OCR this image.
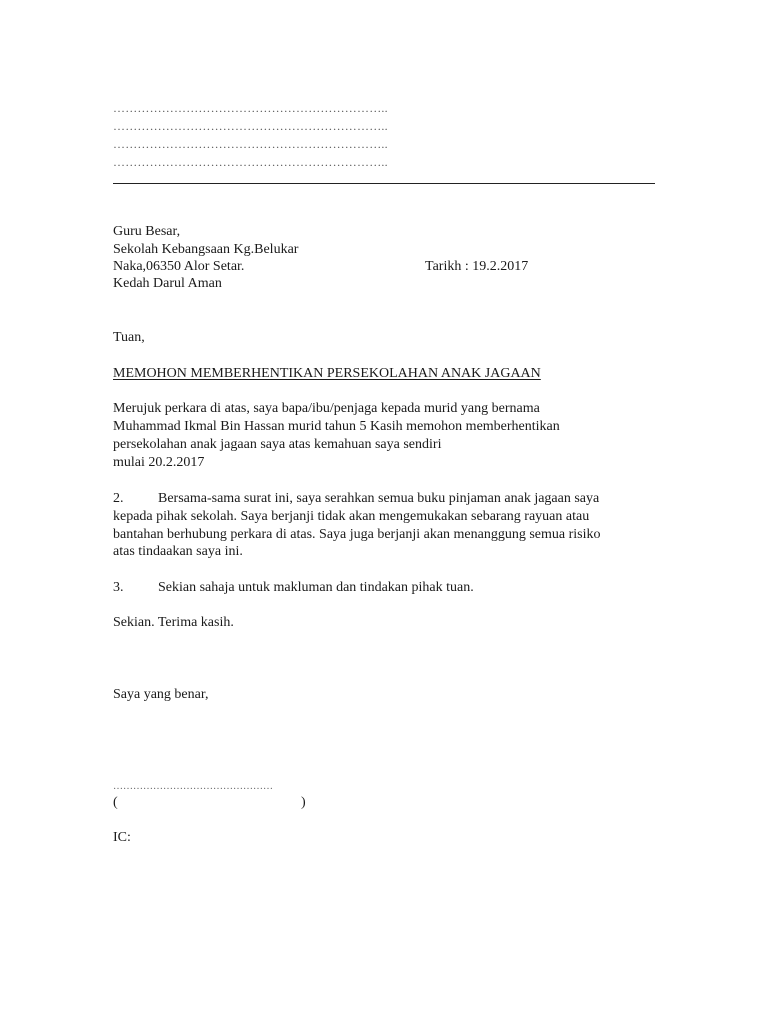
…………………………………………………………..
…………………………………………………………..
…………………………………………………………..
…………………………………………………………..
Guru Besar,
Sekolah Kebangsaan Kg.Belukar
Naka,06350 Alor Setar.	Tarikh : 19.2.2017
Kedah Darul Aman
Tuan,
MEMOHON MEMBERHENTIKAN PERSEKOLAHAN ANAK JAGAAN
Merujuk perkara di atas, saya bapa/ibu/penjaga kepada murid yang bernama
Muhammad Ikmal Bin Hassan murid tahun 5 Kasih memohon memberhentikan
persekolahan anak jagaan saya atas kemahuan saya sendiri
mulai 20.2.2017
2. Bersama-sama surat ini, saya serahkan semua buku pinjaman anak jagaan saya
kepada pihak sekolah. Saya berjanji tidak akan mengemukakan sebarang rayuan atau
bantahan berhubung perkara di atas. Saya juga berjanji akan menanggung semua risiko
atas tindaakan saya ini.
3. Sekian sahaja untuk makluman dan tindakan pihak tuan.
Sekian. Terima kasih.
Saya yang benar,
…………………………………………
(	)
IC:
